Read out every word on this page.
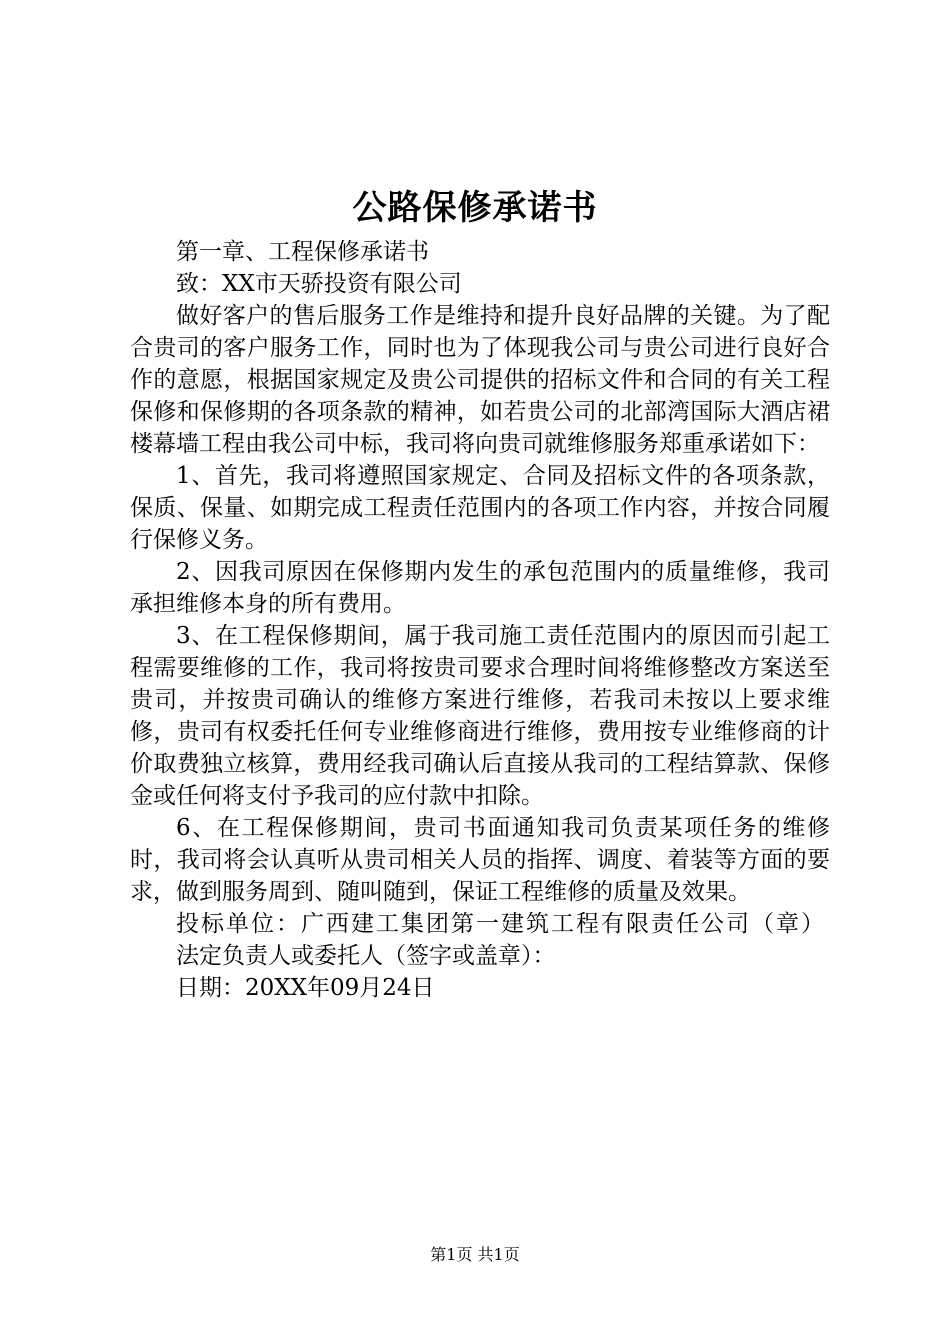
公路保修承诺书

第一章、工程保修承诺书

致：XX市天骄投资有限公司

做好客户的售后服务工作是维持和提升良好品牌的关键。为了配合贵司的客户服务工作，同时也为了体现我公司与贵公司进行良好合作的意愿，根据国家规定及贵公司提供的招标文件和合同的有关工程保修和保修期的各项条款的精神，如若贵公司的北部湾国际大酒店裙楼幕墙工程由我公司中标，我司将向贵司就维修服务郑重承诺如下：

1、首先，我司将遵照国家规定、合同及招标文件的各项条款，保质、保量、如期完成工程责任范围内的各项工作内容，并按合同履行保修义务。

2、因我司原因在保修期内发生的承包范围内的质量维修，我司承担维修本身的所有费用。

3、在工程保修期间，属于我司施工责任范围内的原因而引起工程需要维修的工作，我司将按贵司要求合理时间将维修整改方案送至贵司，并按贵司确认的维修方案进行维修，若我司未按以上要求维修，贵司有权委托任何专业维修商进行维修，费用按专业维修商的计价取费独立核算，费用经我司确认后直接从我司的工程结算款、保修金或任何将支付予我司的应付款中扣除。

6、在工程保修期间，贵司书面通知我司负责某项任务的维修时，我司将会认真听从贵司相关人员的指挥、调度、着装等方面的要求，做到服务周到、随叫随到，保证工程维修的质量及效果。

投标单位：广西建工集团第一建筑工程有限责任公司（章）

法定负责人或委托人（签字或盖章）：

日期：20XX年09月24日

第1页 共1页
